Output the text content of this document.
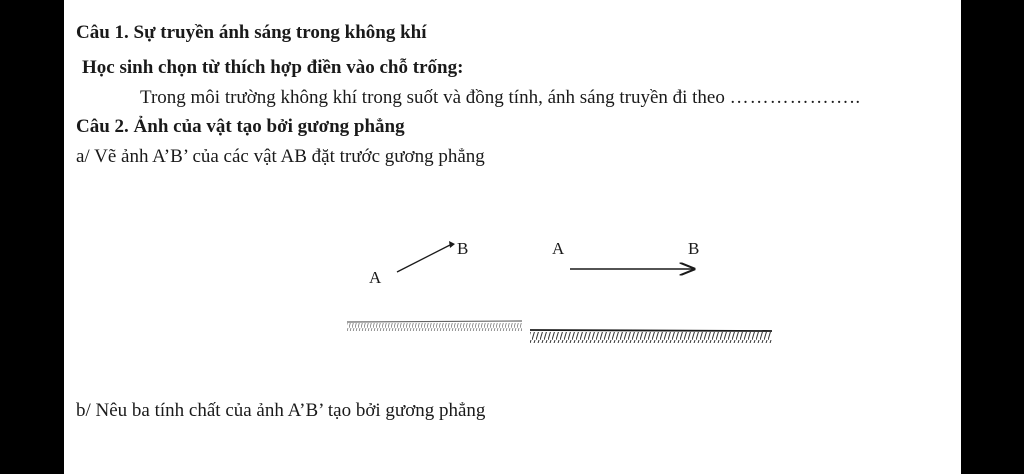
Câu 1. Sự truyền ánh sáng trong không khí
Học sinh chọn từ thích hợp điền vào chỗ trống:
Trong môi trường không khí trong suốt và đồng tính, ánh sáng truyền đi theo ………………..
Câu 2. Ảnh của vật tạo bởi gương phẳng
a/ Vẽ ảnh A’B’ của các vật AB đặt trước gương phẳng
A
B	A	B
b/ Nêu ba tính chất của ảnh A’B’ tạo bởi gương phẳng
